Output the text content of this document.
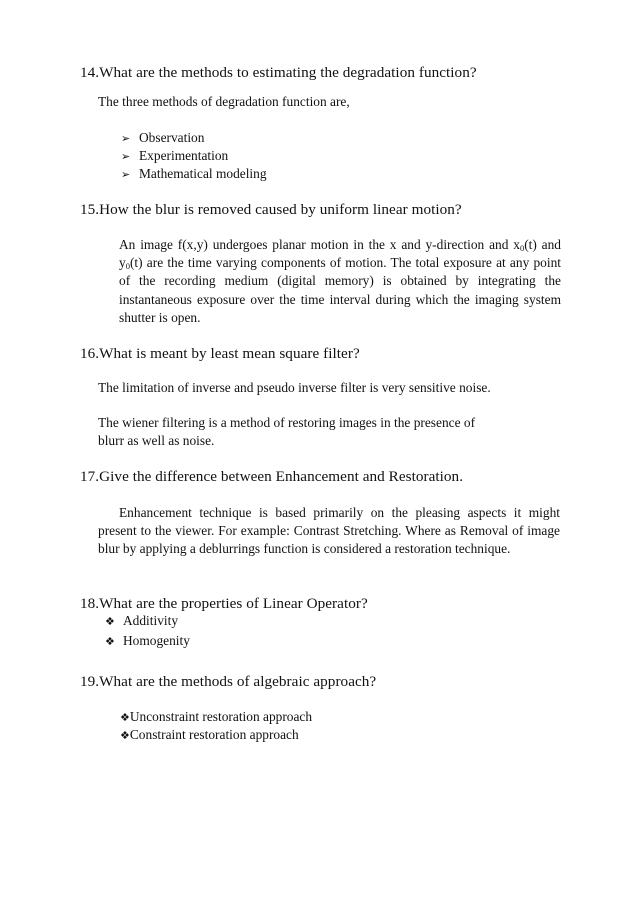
14.What are the methods to estimating the degradation function?
The three methods of degradation function are,
➢ Observation
➢ Experimentation
➢ Mathematical modeling
15.How the blur is removed caused by uniform linear motion?
An image f(x,y) undergoes planar motion in the x and y-direction and $x_0(t)$ and $y_0(t)$ are the time varying components of motion. The total exposure at any point of the recording medium (digital memory) is obtained by integrating the instantaneous exposure over the time interval during which the imaging system shutter is open.
16.What is meant by least mean square filter?
The limitation of inverse and pseudo inverse filter is very sensitive noise.
The wiener filtering is a method of restoring images in the presence of
blurr as well as noise.
17.Give the difference between Enhancement and Restoration.
Enhancement technique is based primarily on the pleasing aspects it might present to the viewer. For example: Contrast Stretching. Where as Removal of image blur by applying a deblurrings function is considered a restoration technique.
18.What are the properties of Linear Operator?
❖ Additivity
❖ Homogenity
19.What are the methods of algebraic approach?
❖Unconstraint restoration approach
❖Constraint restoration approach
